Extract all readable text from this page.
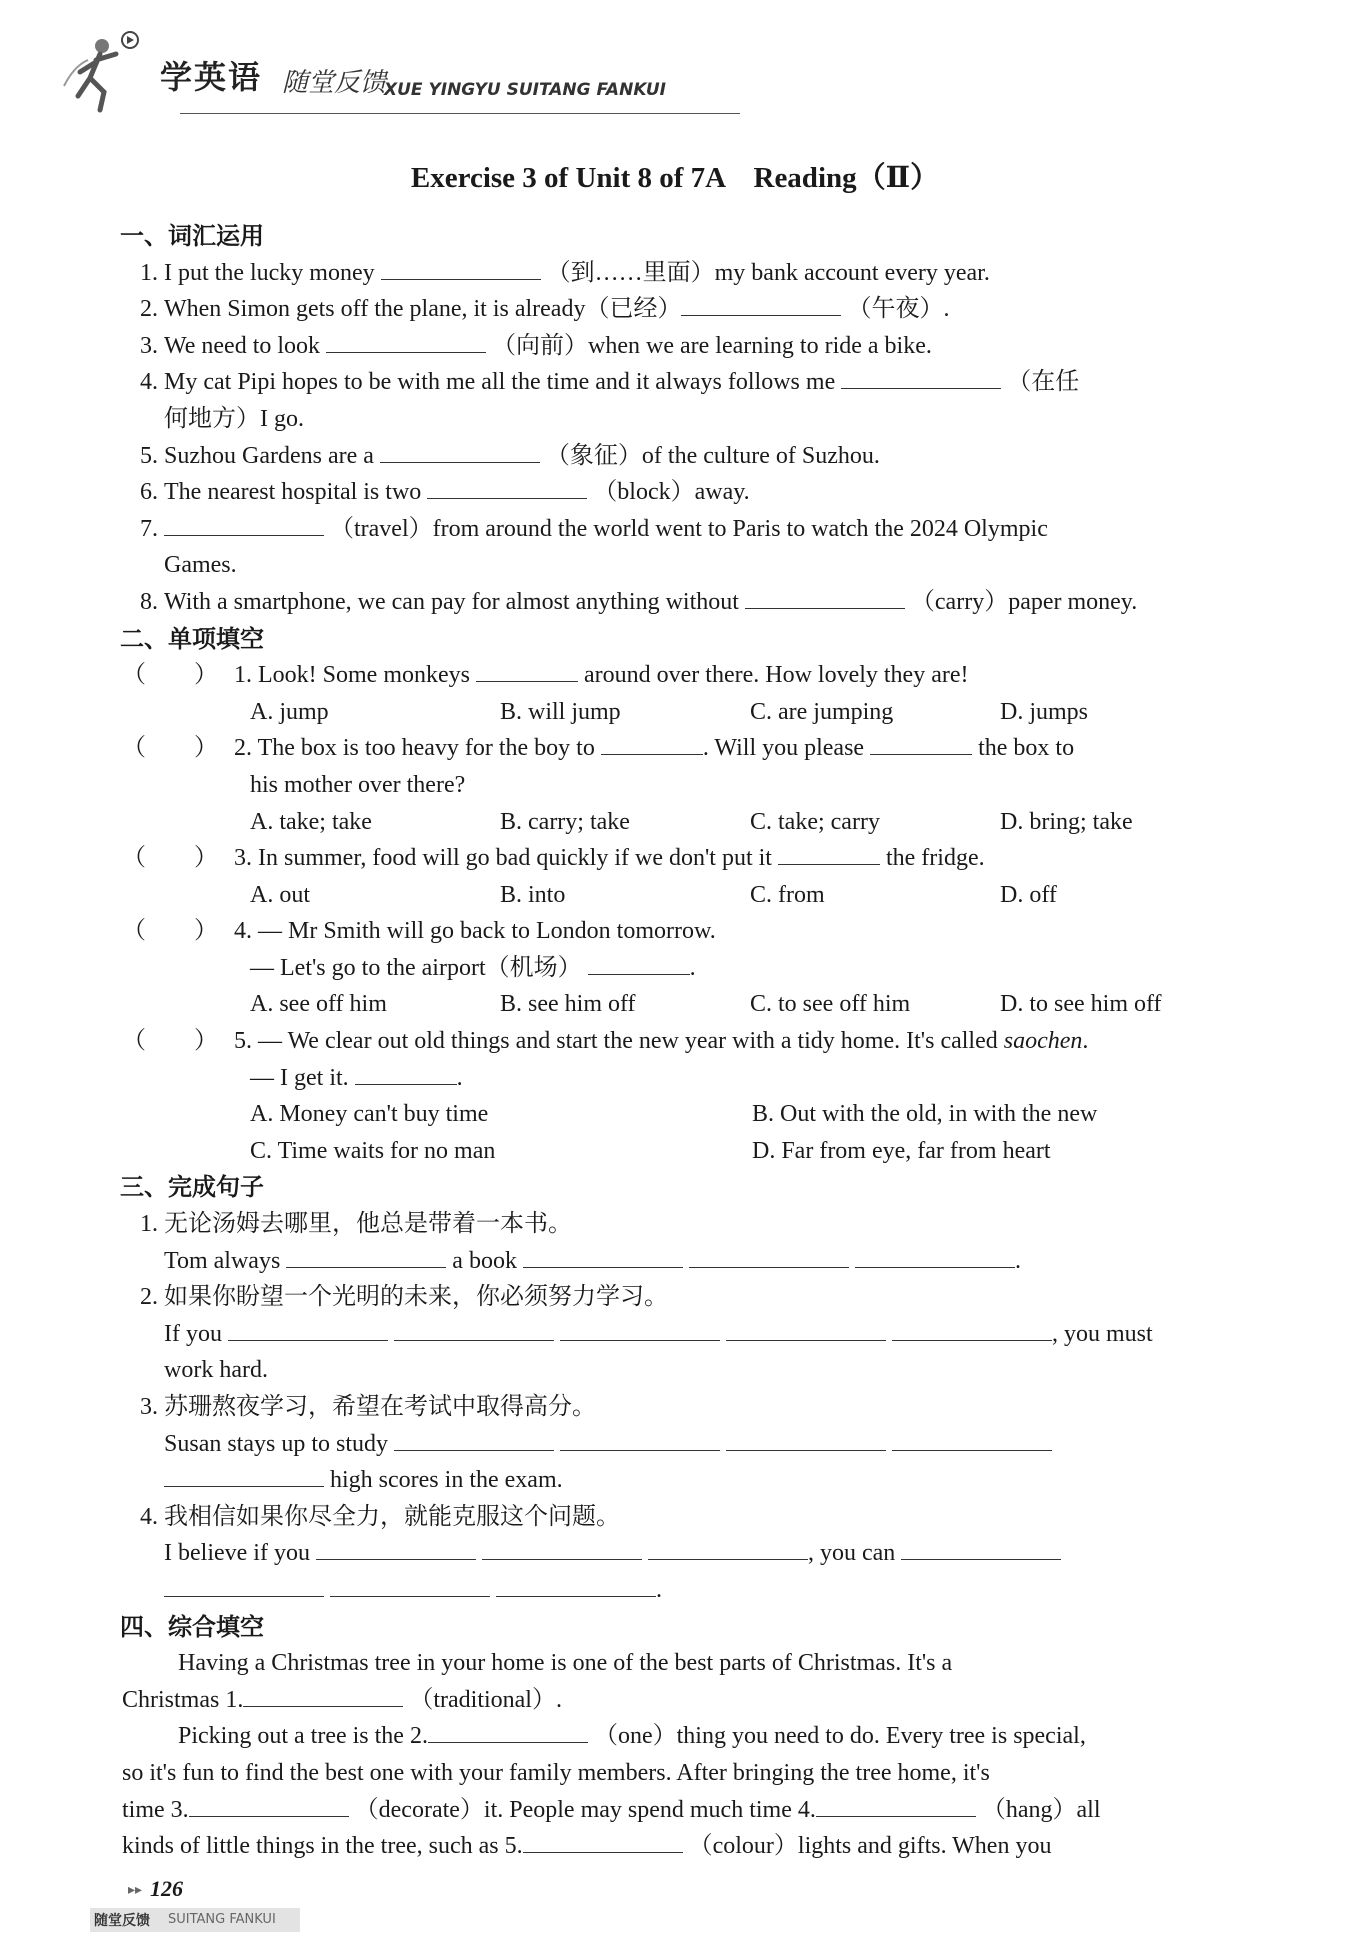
学英语 随堂反馈
XUE YINGYU SUITANG FANKUI
Exercise 3 of Unit 8 of 7A　Reading（Ⅱ）
一、词汇运用
1. I put the lucky money	（到……里面）my bank account every year.
2. When Simon gets off the plane, it is already（已经）	（午夜）.
3. We need to look	（向前）when we are learning to ride a bike.
4. My cat Pipi hopes to be with me all the time and it always follows me	（在任
何地方）I go.
5. Suzhou Gardens are a	（象征）of the culture of Suzhou.
6. The nearest hospital is two	（block）away.
7.	（travel）from around the world went to Paris to watch the 2024 Olympic
Games.
8. With a smartphone, we can pay for almost anything without	（carry）paper money.
二、单项填空
（　　） 1. Look! Some monkeys	around over there. How lovely they are!
A. jump	B. will jump	C. are jumping	D. jumps
（　　） 2. The box is too heavy for the boy to	. Will you please	the box to
his mother over there?
A. take; take	B. carry; take	C. take; carry	D. bring; take
（　　） 3. In summer, food will go bad quickly if we don't put it	the fridge.
A. out	B. into	C. from	D. off
（　　） 4. — Mr Smith will go back to London tomorrow.
— Let's go to the airport（机场）	.
A. see off him	B. see him off	C. to see off him	D. to see him off
（　　） 5. — We clear out old things and start the new year with a tidy home. It's called saochen.
— I get it.	.
A. Money can't buy time	B. Out with the old, in with the new
C. Time waits for no man	D. Far from eye, far from heart
三、完成句子
1. 无论汤姆去哪里，他总是带着一本书。
Tom always	a book	.
2. 如果你盼望一个光明的未来，你必须努力学习。
If you	, you must
work hard.
3. 苏珊熬夜学习，希望在考试中取得高分。
Susan stays up to study
high scores in the exam.
4. 我相信如果你尽全力，就能克服这个问题。
I believe if you	, you can
.
四、综合填空
Having a Christmas tree in your home is one of the best parts of Christmas. It's a
Christmas 1.	（traditional）.
Picking out a tree is the 2.	（one）thing you need to do. Every tree is special,
so it's fun to find the best one with your family members. After bringing the tree home, it's
time 3.	（decorate）it. People may spend much time 4.	（hang）all
kinds of little things in the tree, such as 5.	（colour）lights and gifts. When you
▸▸ 126
随堂反馈 SUITANG FANKUI
